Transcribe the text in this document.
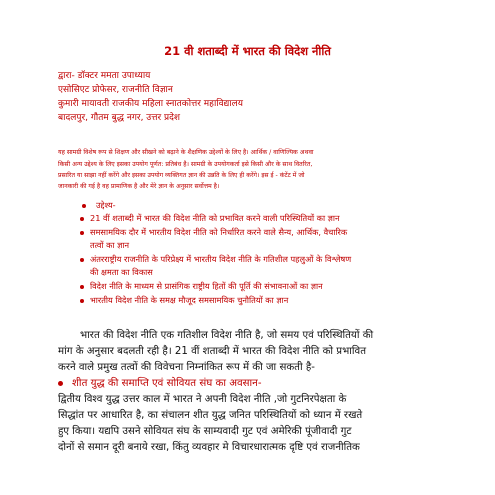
21 वी शताब्दी में भारत की विदेश नीति
द्वारा- डॉक्टर ममता उपाध्याय
एसोसिएट प्रोफेसर, राजनीति विज्ञान
कुमारी मायावती राजकीय महिला स्नातकोत्तर महाविद्यालय
बादलपुर, गौतम बुद्ध नगर, उत्तर प्रदेश
यह सामग्री विशेष रूप से शिक्षण और सीखने को बढ़ाने के शैक्षणिक उद्देश्यों के लिए है। आर्थिक / वाणिज्यिक अथवा
किसी अन्य उद्देश्य के लिए इसका उपयोग पूर्णत: प्रतिबंध है। सामग्री के उपयोगकर्ता इसे किसी और के साथ वितरित,
प्रसारित या साझा नहीं करेंगे और इसका उपयोग व्यक्तिगत ज्ञान की उन्नति के लिए ही करेंगे। इस ई - कंटेंट में जो
जानकारी की गई है वह प्रामाणिक है और मेरे ज्ञान के अनुसार सर्वोत्तम है।
उद्देश्य-
21 वीं शताब्दी में भारत की विदेश नीति को प्रभावित करने वाली परिस्थितियों का ज्ञान
समसामयिक दौर में भारतीय विदेश नीति को निर्धारित करने वाले सैन्य, आर्थिक, वैचारिक
तत्वों का ज्ञान
अंतरराष्ट्रीय राजनीति के परिप्रेक्ष्य में भारतीय विदेश नीति के गतिशील पहलुओं के विश्लेषण
की क्षमता का विकास
विदेश नीति के माध्यम से प्रासंगिक राष्ट्रीय हितों की पूर्ति की संभावनाओं का ज्ञान
भारतीय विदेश नीति के समक्ष मौजूद समसामयिक चुनौतियों का ज्ञान
भारत की विदेश नीति एक गतिशील विदेश नीति है, जो समय एवं परिस्थितियों की
मांग के अनुसार बदलती रही है। 21 वीं शताब्दी में भारत की विदेश नीति को प्रभावित
करने वाले प्रमुख तत्वों की विवेचना निम्नांकित रूप में की जा सकती है-
शीत युद्ध की समाप्ति एवं सोवियत संघ का अवसान-
द्वितीय विश्व युद्ध उत्तर काल में भारत ने अपनी विदेश नीति ,जो गुटनिरपेक्षता के
सिद्धांत पर आधारित है, का संचालन शीत युद्ध जनित परिस्थितियों को ध्यान में रखते
हुए किया। यद्यपि उसने सोवियत संघ के साम्यवादी गुट एवं अमेरिकी पूंजीवादी गुट
दोनों से समान दूरी बनाये रखा, किंतु व्यवहार मे विचारधारात्मक दृष्टि एवं राजनीतिक
